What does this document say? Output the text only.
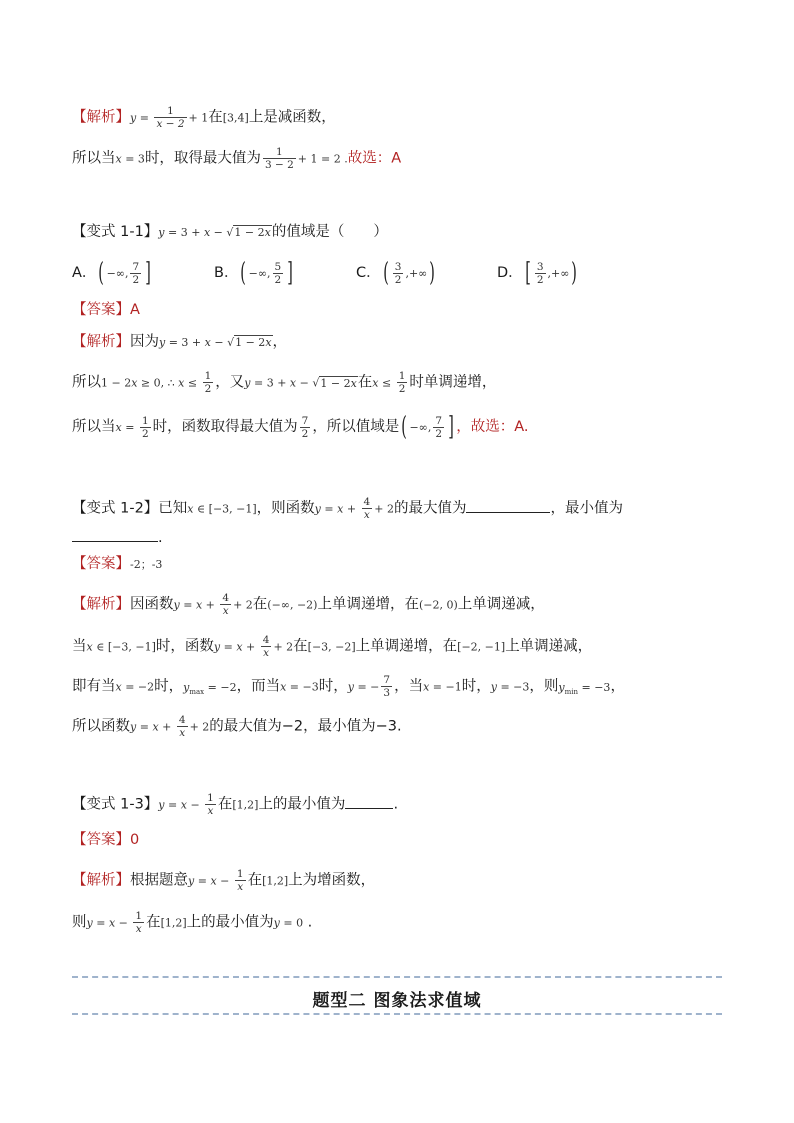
【解析】$y = \frac{1}{x - 2} + 1$在[3,4]上是减函数，
所以当x = 3时，取得最大值为 $\frac{1}{3 - 2} + 1 = 2$ .故选：A
【变式 1-1】y = 3 + x − √1 − 2x的值域是（　　）
A．( −∞, $\frac{7}{2}$ ]	B．( −∞, $\frac{5}{2}$ ]	C．( $\frac{3}{2}$ ,+∞)	D．[ $\frac{3}{2}$ ,+∞)
【答案】A
【解析】因为y = 3 + x − √1 − 2x，
所以1 − 2x ≥ 0, ∴ $x \le \frac{1}{2}$ ，又y = 3 + x − √1 − 2x在$x \le \frac{1}{2}$ 时单调递增，
所以当$x = \frac{1}{2}$ 时，函数取得最大值为 $\frac{7}{2}$ ，所以值域是( −∞, $\frac{7}{2}$ ] ，故选：A.
【变式 1-2】已知x ∈ [−3, −1]，则函数$y = x + \frac{4}{x} + 2$的最大值为	，最小值为
.
【答案】-2；-3
【解析】因函数$y = x + \frac{4}{x} + 2$在(−∞, −2)上单调递增，在(−2, 0)上单调递减，
当x ∈ [−3, −1]时，函数$y = x + \frac{4}{x} + 2$在[−3, −2]上单调递增，在[−2, −1]上单调递减，
即有当x = −2时，$y_{max} = -2$，而当x = −3时，y = − $\frac{7}{3}$ ，当x = −1时，y = −3，则$y_{min} = -3$，
所以函数$y = x + \frac{4}{x} + 2$的最大值为−2，最小值为−3.
【变式 1-3】$y = x - \frac{1}{x}$ 在[1,2]上的最小值为	.
【答案】0
【解析】根据题意$y = x - \frac{1}{x}$ 在[1,2]上为增函数，
则$y = x - \frac{1}{x}$ 在[1,2]上的最小值为y = 0 .
题型二 图象法求值域
